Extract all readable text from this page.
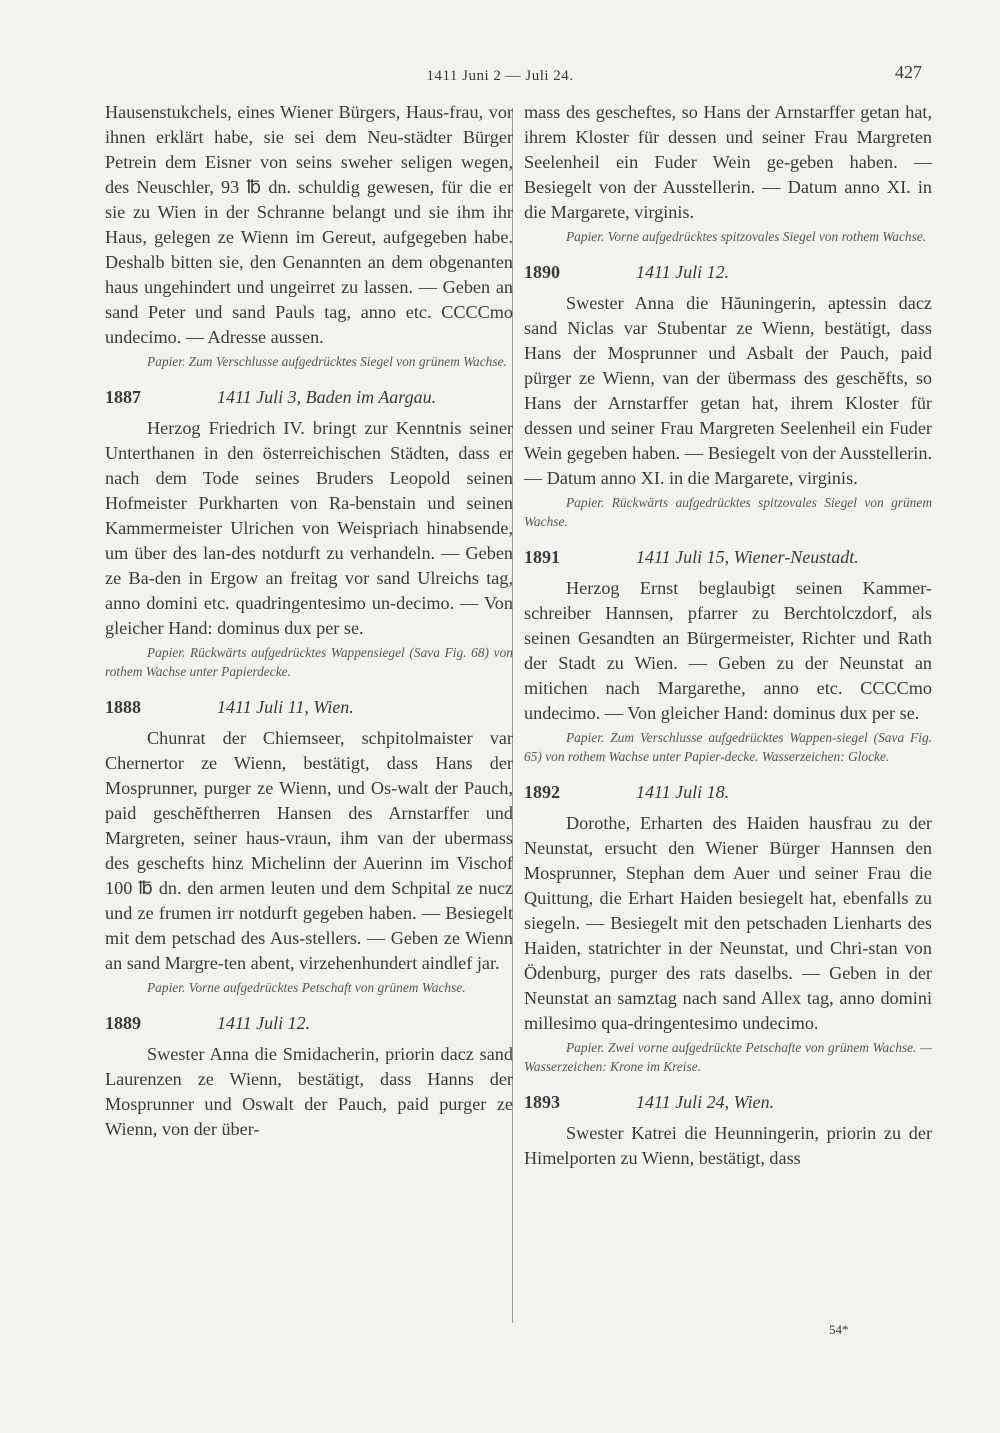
1411 Juni 2 — Juli 24.	427

Hausenstukchels, eines Wiener Bürgers, Haus-frau, vor ihnen erklärt habe, sie sei dem Neu-städter Bürger Petrein dem Eisner von seins sweher seligen wegen, des Neuschler, 93 ℔ dn. schuldig gewesen, für die er sie zu Wien in der Schranne belangt und sie ihm ihr Haus, gelegen ze Wienn im Gereut, aufgegeben habe. Deshalb bitten sie, den Genannten an dem obgenanten haus ungehindert und ungeirret zu lassen. — Geben an sand Peter und sand Pauls tag, anno etc. CCCCmo undecimo. — Adresse aussen.

Papier. Zum Verschlusse aufgedrücktes Siegel von grünem Wachse.
1887	1411 Juli 3, Baden im Aargau.

Herzog Friedrich IV. bringt zur Kenntnis seiner Unterthanen in den österreichischen Städten, dass er nach dem Tode seines Bruders Leopold seinen Hofmeister Purkharten von Ra-benstain und seinen Kammermeister Ulrichen von Weispriach hinabsende, um über des lan-des notdurft zu verhandeln. — Geben ze Ba-den in Ergow an freitag vor sand Ulreichs tag, anno domini etc. quadringentesimo un-decimo. — Von gleicher Hand: dominus dux per se.

Papier. Rückwärts aufgedrücktes Wappensiegel (Sava Fig. 68) von rothem Wachse unter Papierdecke.
1888	1411 Juli 11, Wien.

Chunrat der Chiemseer, schpitolmaister var Chernertor ze Wienn, bestätigt, dass Hans der Mosprunner, purger ze Wienn, und Os-walt der Pauch, paid geschĕftherren Hansen des Arnstarffer und Margreten, seiner haus-vraun, ihm van der ubermass des geschefts hinz Michelinn der Auerinn im Vischof 100 ℔ dn. den armen leuten und dem Schpital ze nucz und ze frumen irr notdurft gegeben haben. — Besiegelt mit dem petschad des Aus-stellers. — Geben ze Wienn an sand Margre-ten abent, virzehenhundert aindlef jar.

Papier. Vorne aufgedrücktes Petschaft von grünem Wachse.
1889	1411 Juli 12.

Swester Anna die Smidacherin, priorin dacz sand Laurenzen ze Wienn, bestätigt, dass Hanns der Mosprunner und Oswalt der Pauch, paid purger ze Wienn, von der über-

mass des gescheftes, so Hans der Arnstarffer getan hat, ihrem Kloster für dessen und seiner Frau Margreten Seelenheil ein Fuder Wein ge-geben haben. — Besiegelt von der Ausstellerin. — Datum anno XI. in die Margarete, virginis.

Papier. Vorne aufgedrücktes spitzovales Siegel von rothem Wachse.
1890	1411 Juli 12.

Swester Anna die Hăuningerin, aptessin dacz sand Niclas var Stubentar ze Wienn, bestätigt, dass Hans der Mosprunner und Asbalt der Pauch, paid pürger ze Wienn, van der übermass des geschĕfts, so Hans der Arnstarffer getan hat, ihrem Kloster für dessen und seiner Frau Margreten Seelenheil ein Fuder Wein gegeben haben. — Besiegelt von der Ausstellerin. — Datum anno XI. in die Margarete, virginis.

Papier. Rückwärts aufgedrücktes spitzovales Siegel von grünem Wachse.
1891	1411 Juli 15, Wiener-Neustadt.

Herzog Ernst beglaubigt seinen Kammer-schreiber Hannsen, pfarrer zu Berchtolczdorf, als seinen Gesandten an Bürgermeister, Richter und Rath der Stadt zu Wien. — Geben zu der Neunstat an mitichen nach Margarethe, anno etc. CCCCmo undecimo. — Von gleicher Hand: dominus dux per se.

Papier. Zum Verschlusse aufgedrücktes Wappen-siegel (Sava Fig. 65) von rothem Wachse unter Papier-decke. Wasserzeichen: Glocke.
1892	1411 Juli 18.

Dorothe, Erharten des Haiden hausfrau zu der Neunstat, ersucht den Wiener Bürger Hannsen den Mosprunner, Stephan dem Auer und seiner Frau die Quittung, die Erhart Haiden besiegelt hat, ebenfalls zu siegeln. — Besiegelt mit den petschaden Lienharts des Haiden, statrichter in der Neunstat, und Chri-stan von Ödenburg, purger des rats daselbs. — Geben in der Neunstat an samztag nach sand Allex tag, anno domini millesimo qua-dringentesimo undecimo.

Papier. Zwei vorne aufgedrückte Petschafte von grünem Wachse. — Wasserzeichen: Krone im Kreise.
1893	1411 Juli 24, Wien.

Swester Katrei die Heunningerin, priorin zu der Himelporten zu Wienn, bestätigt, dass

54*
